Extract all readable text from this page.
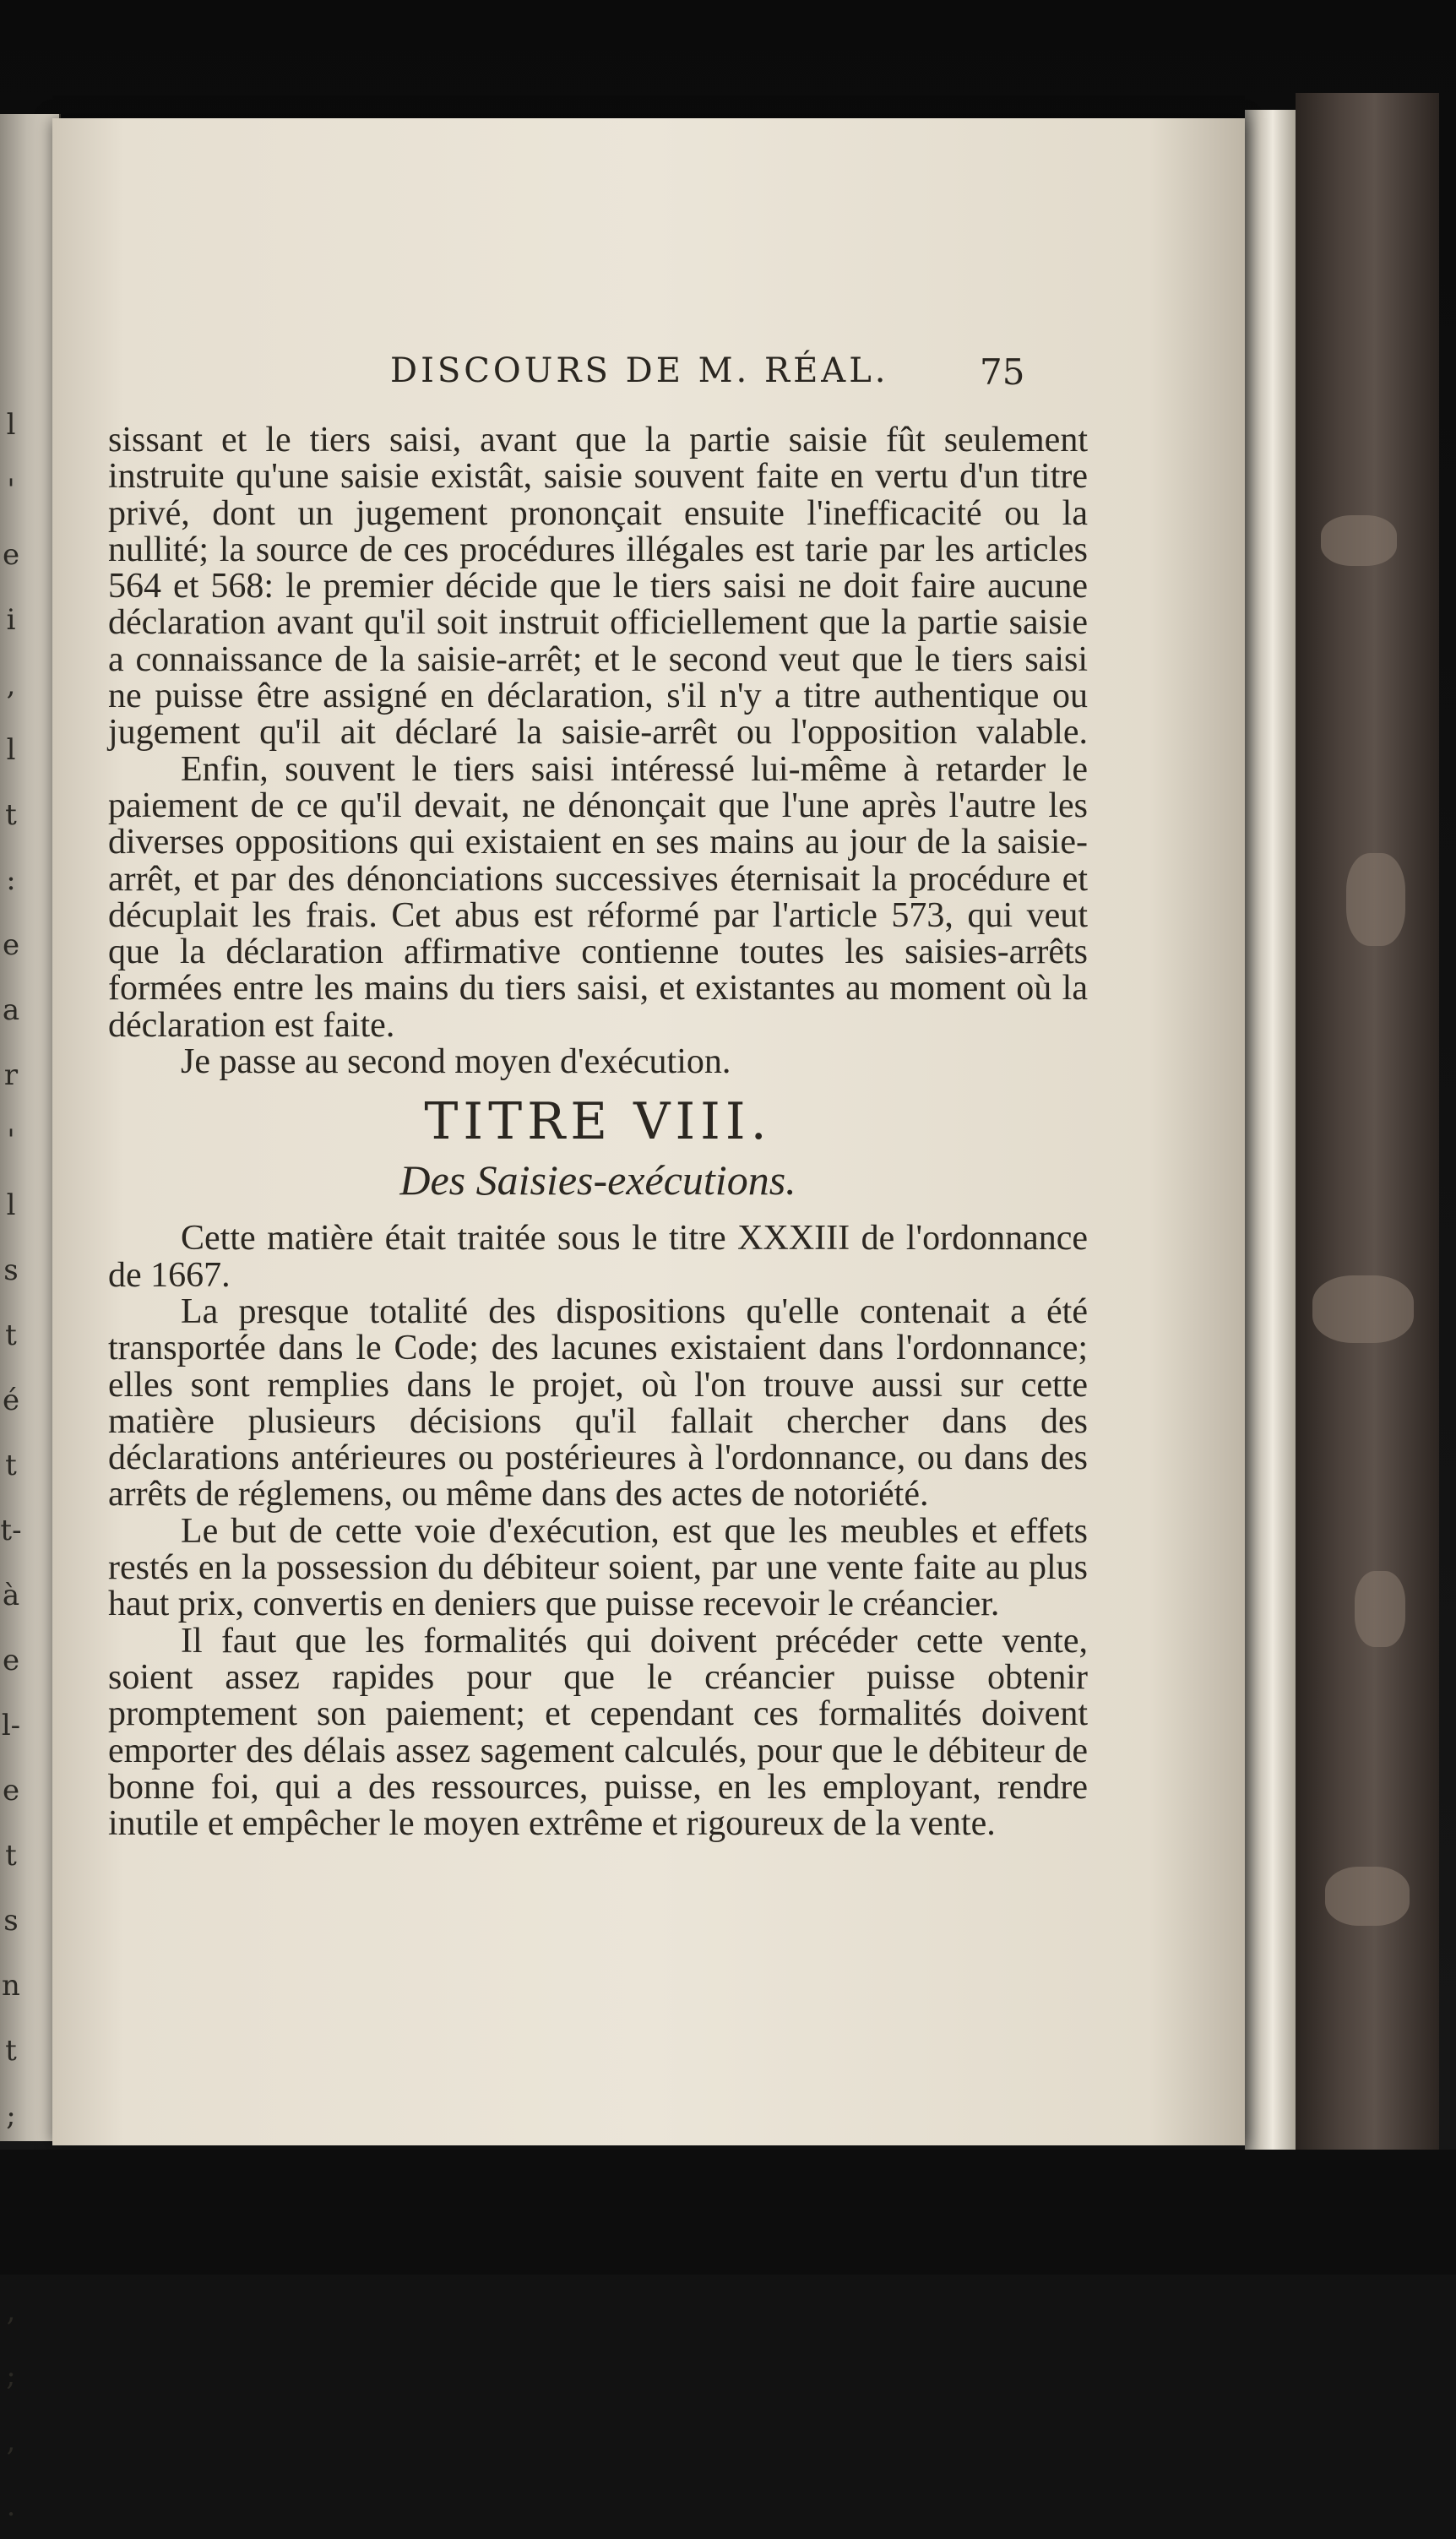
l
'
e
i
,
l
t
:
e
a
r
'
l
s
t
é
t
t-
à
e
l-
e
t
s
n
t
;
,
;
,
.
DISCOURS DE M. RÉAL.	75

sissant et le tiers saisi, avant que la partie saisie fût seulement instruite qu'une saisie existât, saisie souvent faite en vertu d'un titre privé, dont un jugement prononçait ensuite l'inefficacité ou la nullité; la source de ces procédures illégales est tarie par les articles 564 et 568: le premier décide que le tiers saisi ne doit faire aucune déclaration avant qu'il soit instruit officiellement que la partie saisie a connaissance de la saisie-arrêt; et le second veut que le tiers saisi ne puisse être assigné en déclaration, s'il n'y a titre authentique ou jugement qu'il ait déclaré la saisie-arrêt ou l'opposition valable.

Enfin, souvent le tiers saisi intéressé lui-même à retarder le paiement de ce qu'il devait, ne dénonçait que l'une après l'autre les diverses oppositions qui existaient en ses mains au jour de la saisie-arrêt, et par des dénonciations successives éternisait la procédure et décuplait les frais. Cet abus est réformé par l'article 573, qui veut que la déclaration affirmative contienne toutes les saisies-arrêts formées entre les mains du tiers saisi, et existantes au moment où la déclaration est faite.

Je passe au second moyen d'exécution.

TITRE VIII.

Des Saisies-exécutions.

Cette matière était traitée sous le titre XXXIII de l'ordonnance de 1667.

La presque totalité des dispositions qu'elle contenait a été transportée dans le Code; des lacunes existaient dans l'ordonnance; elles sont remplies dans le projet, où l'on trouve aussi sur cette matière plusieurs décisions qu'il fallait chercher dans des déclarations antérieures ou postérieures à l'ordonnance, ou dans des arrêts de réglemens, ou même dans des actes de notoriété.

Le but de cette voie d'exécution, est que les meubles et effets restés en la possession du débiteur soient, par une vente faite au plus haut prix, convertis en deniers que puisse recevoir le créancier.

Il faut que les formalités qui doivent précéder cette vente, soient assez rapides pour que le créancier puisse obtenir promptement son paiement; et cependant ces formalités doivent emporter des délais assez sagement calculés, pour que le débiteur de bonne foi, qui a des ressources, puisse, en les employant, rendre inutile et empêcher le moyen extrême et rigoureux de la vente.
